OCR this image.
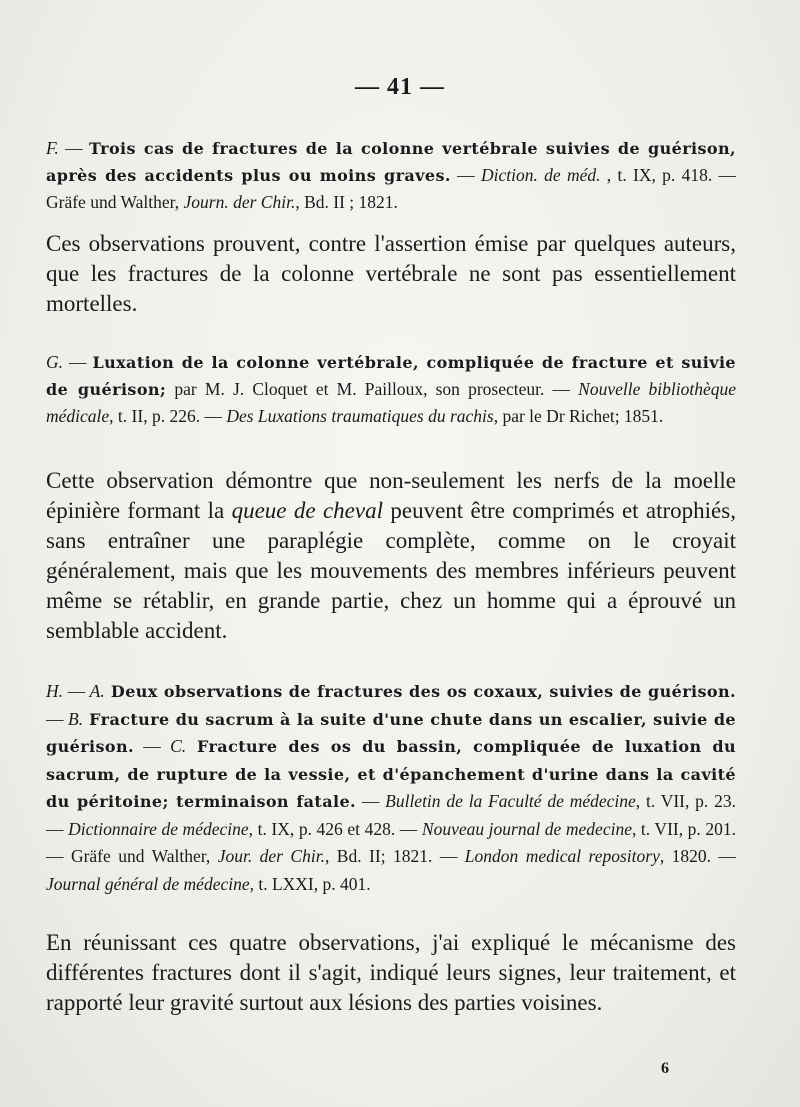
— 41 —
F. — Trois cas de fractures de la colonne vertébrale suivies de guérison, après des accidents plus ou moins graves. — Diction. de méd. , t. IX, p. 418. — Gräfe und Walther, Journ. der Chir., Bd. II ; 1821.
Ces observations prouvent, contre l'assertion émise par quelques auteurs, que les fractures de la colonne vertébrale ne sont pas essentiellement mortelles.
G. — Luxation de la colonne vertébrale, compliquée de fracture et suivie de guérison; par M. J. Cloquet et M. Pailloux, son prosecteur. — Nouvelle bibliothèque médicale, t. II, p. 226. — Des Luxations traumatiques du rachis, par le Dr Richet; 1851.
Cette observation démontre que non-seulement les nerfs de la moelle épinière formant la queue de cheval peuvent être comprimés et atrophiés, sans entraîner une paraplégie complète, comme on le croyait généralement, mais que les mouvements des membres inférieurs peuvent même se rétablir, en grande partie, chez un homme qui a éprouvé un semblable accident.
H. — A. Deux observations de fractures des os coxaux, suivies de guérison. — B. Fracture du sacrum à la suite d'une chute dans un escalier, suivie de guérison. — C. Fracture des os du bassin, compliquée de luxation du sacrum, de rupture de la vessie, et d'épanchement d'urine dans la cavité du péritoine; terminaison fatale. — Bulletin de la Faculté de médecine, t. VII, p. 23. — Dictionnaire de médecine, t. IX, p. 426 et 428. — Nouveau journal de medecine, t. VII, p. 201. — Gräfe und Walther, Jour. der Chir., Bd. II; 1821. — London medical repository, 1820. — Journal général de médecine, t. LXXI, p. 401.
En réunissant ces quatre observations, j'ai expliqué le mécanisme des différentes fractures dont il s'agit, indiqué leurs signes, leur traitement, et rapporté leur gravité surtout aux lésions des parties voisines.
6
